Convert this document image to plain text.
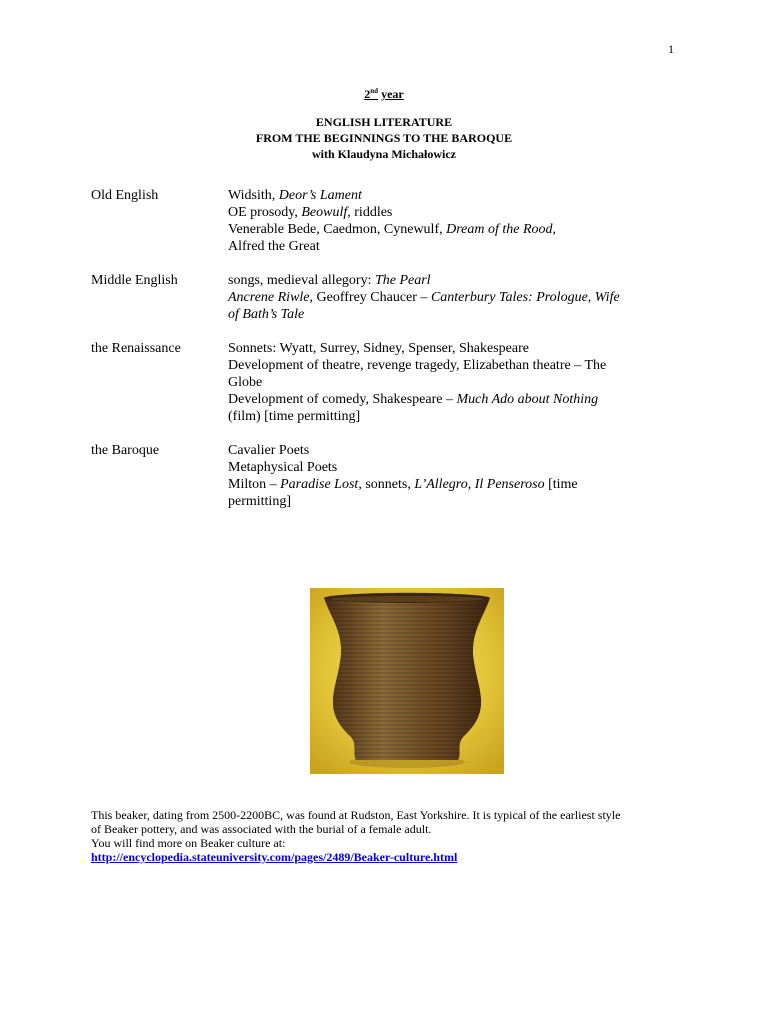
1
2nd year
ENGLISH LITERATURE
FROM THE BEGINNINGS TO THE BAROQUE
with Klaudyna Michałowicz
Old English	Widsith, Deor’s Lament
OE prosody, Beowulf, riddles
Venerable Bede, Caedmon, Cynewulf, Dream of the Rood,
Alfred the Great
Middle English	songs, medieval allegory: The Pearl
Ancrene Riwle, Geoffrey Chaucer – Canterbury Tales: Prologue, Wife
of Bath’s Tale
the Renaissance	Sonnets: Wyatt, Surrey, Sidney, Spenser, Shakespeare
Development of theatre, revenge tragedy, Elizabethan theatre – The
Globe
Development of comedy, Shakespeare – Much Ado about Nothing
(film) [time permitting]
the Baroque	Cavalier Poets
Metaphysical Poets
Milton – Paradise Lost, sonnets, L’Allegro, Il Penseroso [time
permitting]
This beaker, dating from 2500-2200BC, was found at Rudston, East Yorkshire. It is typical of the earliest style
of Beaker pottery, and was associated with the burial of a female adult.
You will find more on Beaker culture at:
http://encyclopedia.stateuniversity.com/pages/2489/Beaker-culture.html
